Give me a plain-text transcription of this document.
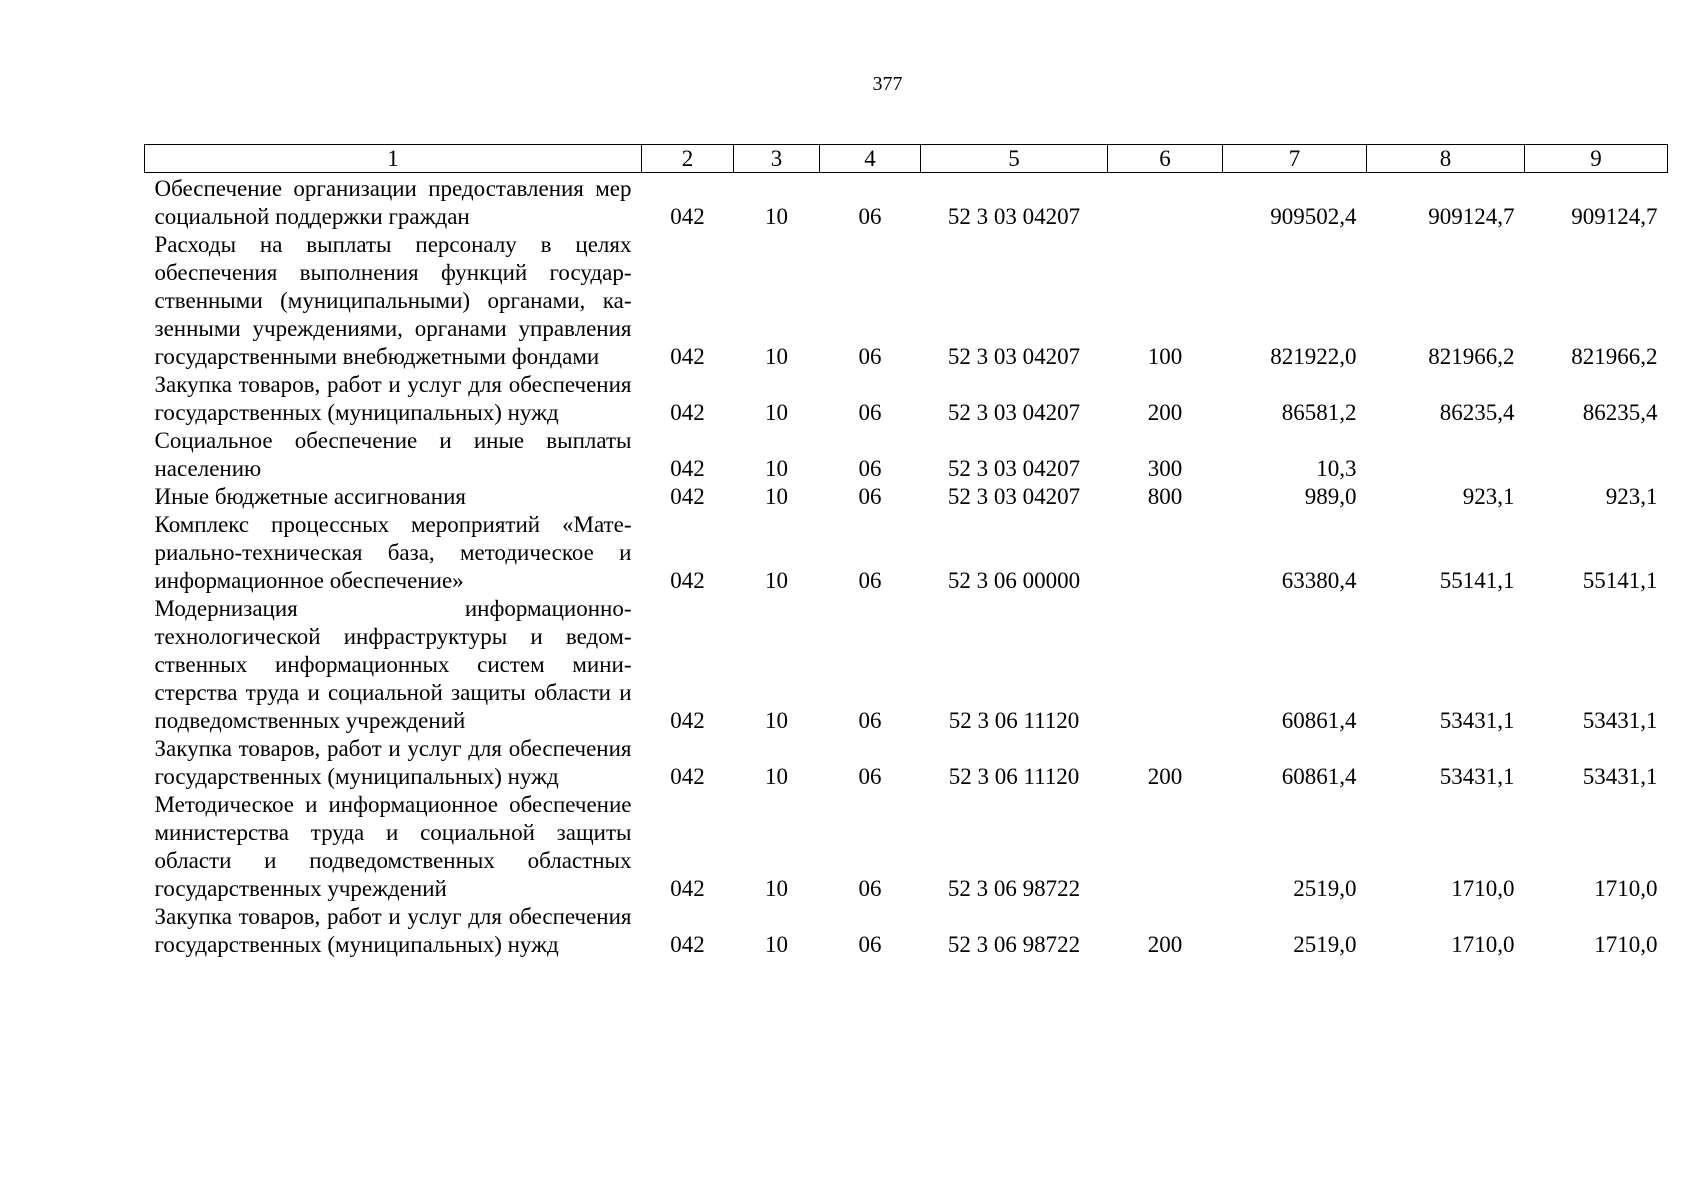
377
1	2	3	4	5	6	7	8	9
Обеспечение организации предоставления мер социальной поддержки граждан	042	10	06	52 3 03 04207		909502,4	909124,7	909124,7
Расходы на выплаты персоналу в целях обеспечения выполнения функций государственными (муниципальными) органами, казенными учреждениями, органами управления государственными внебюджетными фондами	042	10	06	52 3 03 04207	100	821922,0	821966,2	821966,2
Закупка товаров, работ и услуг для обеспечения государственных (муниципальных) нужд	042	10	06	52 3 03 04207	200	86581,2	86235,4	86235,4
Социальное обеспечение и иные выплаты населению	042	10	06	52 3 03 04207	300	10,3		
Иные бюджетные ассигнования	042	10	06	52 3 03 04207	800	989,0	923,1	923,1
Комплекс процессных мероприятий «Материально-техническая база, методическое и информационное обеспечение»	042	10	06	52 3 06 00000		63380,4	55141,1	55141,1
Модернизация информационно-технологической инфраструктуры и ведомственных информационных систем министерства труда и социальной защиты области и подведомственных учреждений	042	10	06	52 3 06 11120		60861,4	53431,1	53431,1
Закупка товаров, работ и услуг для обеспечения государственных (муниципальных) нужд	042	10	06	52 3 06 11120	200	60861,4	53431,1	53431,1
Методическое и информационное обеспечение министерства труда и социальной защиты области и подведомственных областных государственных учреждений	042	10	06	52 3 06 98722		2519,0	1710,0	1710,0
Закупка товаров, работ и услуг для обеспечения государственных (муниципальных) нужд	042	10	06	52 3 06 98722	200	2519,0	1710,0	1710,0
